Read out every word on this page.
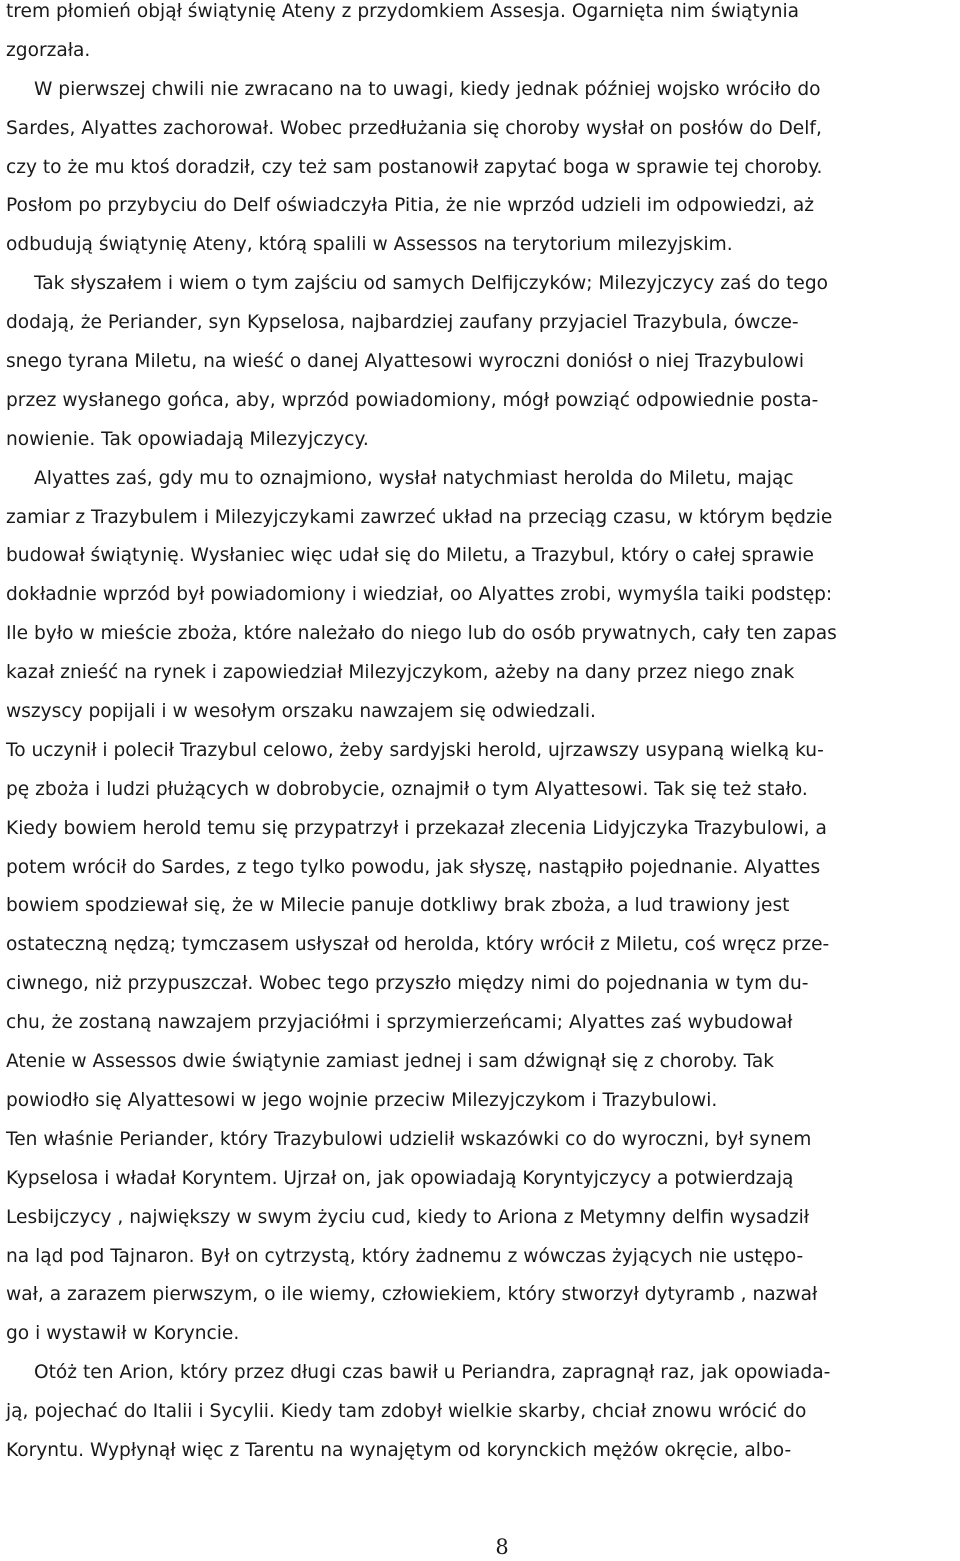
trem płomień objął świątynię Ateny z przydomkiem Assesja. Ogarnięta nim świątynia
zgorzała.
W pierwszej chwili nie zwracano na to uwagi, kiedy jednak później wojsko wróciło do
Sardes, Alyattes zachorował. Wobec przedłużania się choroby wysłał on posłów do Delf,
czy to że mu ktoś doradził, czy też sam postanowił zapytać boga w sprawie tej choroby.
Posłom po przybyciu do Delf oświadczyła Pitia, że nie wprzód udzieli im odpowiedzi, aż
odbudują świątynię Ateny, którą spalili w Assessos na terytorium milezyjskim.
Tak słyszałem i wiem o tym zajściu od samych Delfijczyków; Milezyjczycy zaś do tego
dodają, że Periander, syn Kypselosa, najbardziej zaufany przyjaciel Trazybula, ówcze-
snego tyrana Miletu, na wieść o danej Alyattesowi wyroczni doniósł o niej Trazybulowi
przez wysłanego gońca, aby, wprzód powiadomiony, mógł powziąć odpowiednie posta-
nowienie. Tak opowiadają Milezyjczycy.
Alyattes zaś, gdy mu to oznajmiono, wysłał natychmiast herolda do Miletu, mając
zamiar z Trazybulem i Milezyjczykami zawrzeć układ na przeciąg czasu, w którym będzie
budował świątynię. Wysłaniec więc udał się do Miletu, a Trazybul, który o całej sprawie
dokładnie wprzód był powiadomiony i wiedział, oo Alyattes zrobi, wymyśla taiki podstęp:
Ile było w mieście zboża, które należało do niego lub do osób prywatnych, cały ten zapas
kazał znieść na rynek i zapowiedział Milezyjczykom, ażeby na dany przez niego znak
wszyscy popijali i w wesołym orszaku nawzajem się odwiedzali.
To uczynił i polecił Trazybul celowo, żeby sardyjski herold, ujrzawszy usypaną wielką ku-
pę zboża i ludzi płużących w dobrobycie, oznajmił o tym Alyattesowi. Tak się też stało.
Kiedy bowiem herold temu się przypatrzył i przekazał zlecenia Lidyjczyka Trazybulowi, a
potem wrócił do Sardes, z tego tylko powodu, jak słyszę, nastąpiło pojednanie. Alyattes
bowiem spodziewał się, że w Milecie panuje dotkliwy brak zboża, a lud trawiony jest
ostateczną nędzą; tymczasem usłyszał od herolda, który wrócił z Miletu, coś wręcz prze-
ciwnego, niż przypuszczał. Wobec tego przyszło między nimi do pojednania w tym du-
chu, że zostaną nawzajem przyjaciółmi i sprzymierzeńcami; Alyattes zaś wybudował
Atenie w Assessos dwie świątynie zamiast jednej i sam dźwignął się z choroby. Tak
powiodło się Alyattesowi w jego wojnie przeciw Milezyjczykom i Trazybulowi.
Ten właśnie Periander, który Trazybulowi udzielił wskazówki co do wyroczni, był synem
Kypselosa i władał Koryntem. Ujrzał on, jak opowiadają Koryntyjczycy a potwierdzają
Lesbijczycy , największy w swym życiu cud, kiedy to Ariona z Metymny delfin wysadził
na ląd pod Tajnaron. Był on cytrzystą, który żadnemu z wówczas żyjących nie ustępo-
wał, a zarazem pierwszym, o ile wiemy, człowiekiem, który stworzył dytyramb , nazwał
go i wystawił w Koryncie.
Otóż ten Arion, który przez długi czas bawił u Periandra, zapragnął raz, jak opowiada-
ją, pojechać do Italii i Sycylii. Kiedy tam zdobył wielkie skarby, chciał znowu wrócić do
Koryntu. Wypłynął więc z Tarentu na wynajętym od korynckich mężów okręcie, albo-
8
